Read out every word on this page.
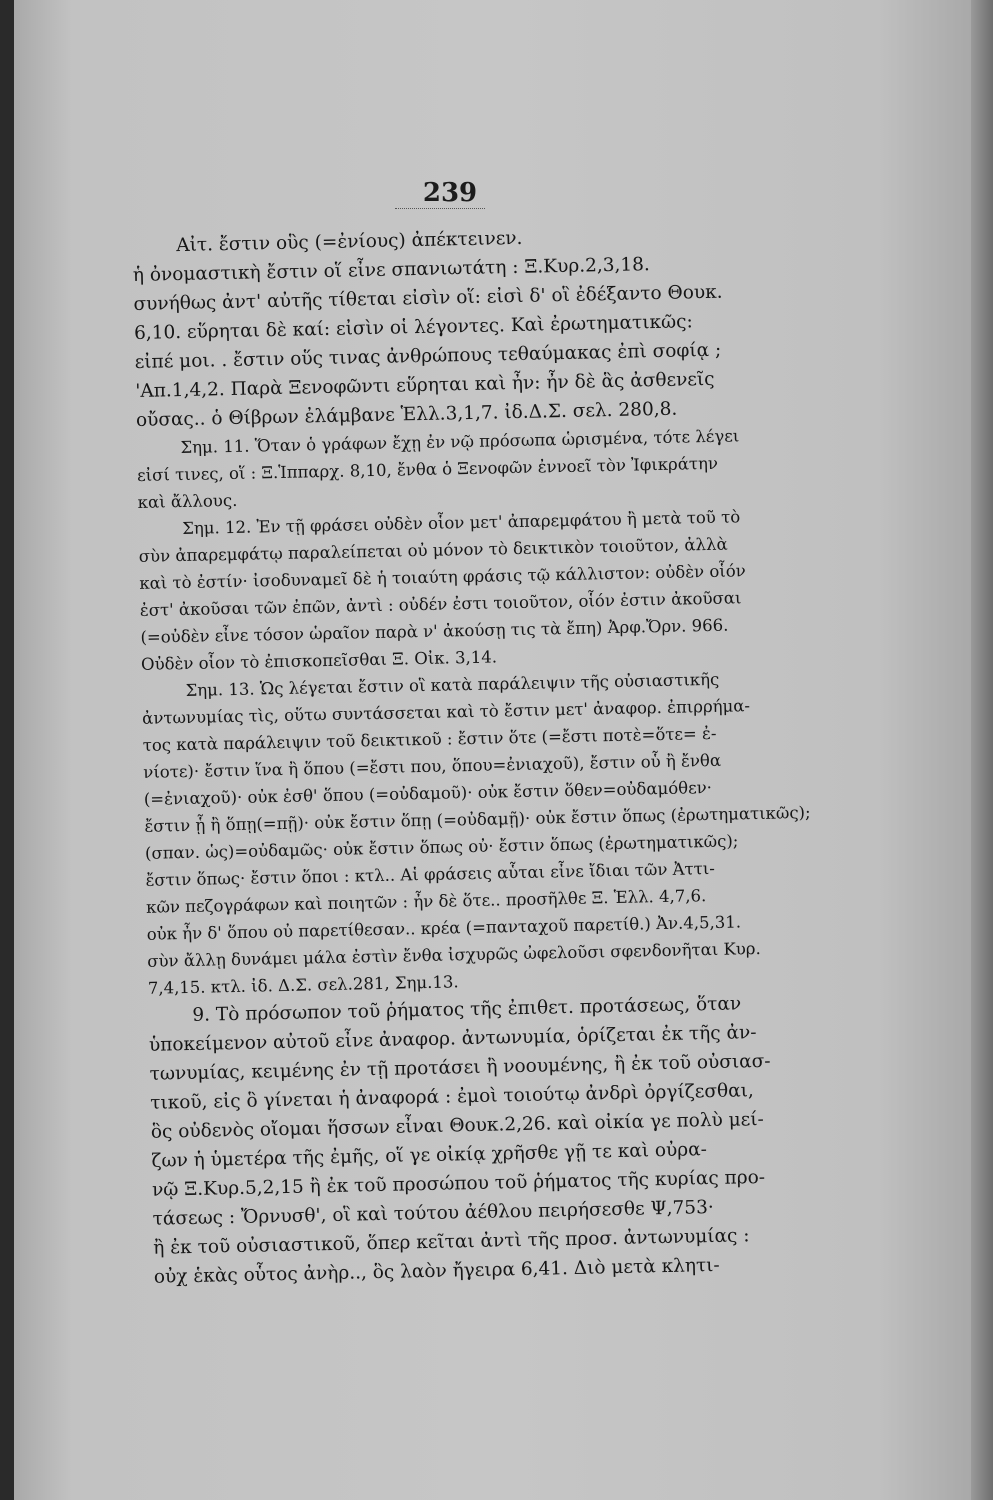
239
Αἰτ. ἔστιν οὓς (=ἐνίους) ἀπέκτεινεν.
ἡ ὀνομαστικὴ ἔστιν οἵ εἶνε σπανιωτάτη : Ξ.Κυρ.2,3,18.
συνήθως ἀντ' αὐτῆς τίθεται εἰσὶν οἵ: εἰσὶ δ' οἳ ἐδέξαντο Θουκ.
6,10. εὕρηται δὲ καί: εἰσὶν οἱ λέγοντες. Καὶ ἐρωτηματικῶς:
εἰπέ μοι. . ἔστιν οὕς τινας ἀνθρώπους τεθαύμακας ἐπὶ σοφίᾳ ;
'Απ.1,4,2. Παρὰ Ξενοφῶντι εὕρηται καὶ ἦν: ἦν δὲ ἃς ἀσθενεῖς
οὔσας.. ὁ Θίβρων ἐλάμβανε Ἑλλ.3,1,7. ἰδ.Δ.Σ. σελ. 280,8.
Σημ. 11. Ὅταν ὁ γράφων ἔχῃ ἐν νῷ πρόσωπα ὡρισμένα, τότε λέγει
εἰσί τινες, οἵ : Ξ.Ἱππαρχ. 8,10, ἔνθα ὁ Ξενοφῶν ἐννοεῖ τὸν Ἰφικράτην
καὶ ἄλλους.
Σημ. 12. Ἐν τῇ φράσει οὐδὲν οἷον μετ' ἀπαρεμφάτου ἢ μετὰ τοῦ τὸ
σὺν ἀπαρεμφάτῳ παραλείπεται οὐ μόνον τὸ δεικτικὸν τοιοῦτον, ἀλλὰ
καὶ τὸ ἐστίν· ἰσοδυναμεῖ δὲ ἡ τοιαύτη φράσις τῷ κάλλιστον: οὐδὲν οἷόν
ἐστ' ἀκοῦσαι τῶν ἐπῶν, ἀντὶ : οὐδέν ἐστι τοιοῦτον, οἷόν ἐστιν ἀκοῦσαι
(=οὐδὲν εἶνε τόσον ὡραῖον παρὰ ν' ἀκούσῃ τις τὰ ἔπη) Ἀρφ.Ὄρν. 966.
Οὐδὲν οἷον τὸ ἐπισκοπεῖσθαι Ξ. Οἰκ. 3,14.
Σημ. 13. Ὡς λέγεται ἔστιν οἳ κατὰ παράλειψιν τῆς οὐσιαστικῆς
ἀντωνυμίας τὶς, οὕτω συντάσσεται καὶ τὸ ἔστιν μετ' ἀναφορ. ἐπιρρήμα-
τος κατὰ παράλειψιν τοῦ δεικτικοῦ : ἔστιν ὅτε (=ἔστι ποτὲ=ὅτε= ἐ-
νίοτε)· ἔστιν ἵνα ἢ ὅπου (=ἔστι που, ὅπου=ἐνιαχοῦ), ἔστιν οὗ ἢ ἔνθα
(=ἐνιαχοῦ)· οὐκ ἐσθ' ὅπου (=οὐδαμοῦ)· οὐκ ἔστιν ὅθεν=οὐδαμόθεν·
ἔστιν ᾗ ἢ ὅπῃ(=πῇ)· οὐκ ἔστιν ὅπῃ (=οὐδαμῇ)· οὐκ ἔστιν ὅπως (ἐρωτηματικῶς);
(σπαν. ὡς)=οὐδαμῶς· οὐκ ἔστιν ὅπως οὐ· ἔστιν ὅπως (ἐρωτηματικῶς);
ἔστιν ὅπως· ἔστιν ὅποι : κτλ.. Αἱ φράσεις αὗται εἶνε ἴδιαι τῶν Ἀττι-
κῶν πεζογράφων καὶ ποιητῶν : ἦν δὲ ὅτε.. προσῆλθε Ξ. Ἑλλ. 4,7,6.
οὐκ ἦν δ' ὅπου οὐ παρετίθεσαν.. κρέα (=πανταχοῦ παρετίθ.) Ἀν.4,5,31.
σὺν ἄλλῃ δυνάμει μάλα ἐστὶν ἔνθα ἰσχυρῶς ὠφελοῦσι σφενδονῆται Κυρ.
7,4,15. κτλ. ἰδ. Δ.Σ. σελ.281, Σημ.13.
9. Τὸ πρόσωπον τοῦ ῥήματος τῆς ἐπιθετ. προτάσεως, ὅταν
ὑποκείμενον αὐτοῦ εἶνε ἀναφορ. ἀντωνυμία, ὁρίζεται ἐκ τῆς ἀν-
τωνυμίας, κειμένης ἐν τῇ προτάσει ἢ νοουμένης, ἢ ἐκ τοῦ οὐσιασ-
τικοῦ, εἰς ὃ γίνεται ἡ ἀναφορά : ἐμοὶ τοιούτῳ ἀνδρὶ ὀργίζεσθαι,
ὃς οὐδενὸς οἴομαι ἥσσων εἶναι Θουκ.2,26. καὶ οἰκία γε πολὺ μεί-
ζων ἡ ὑμετέρα τῆς ἐμῆς, οἵ γε οἰκίᾳ χρῆσθε γῇ τε καὶ οὐρα-
νῷ Ξ.Κυρ.5,2,15 ἢ ἐκ τοῦ προσώπου τοῦ ῥήματος τῆς κυρίας προ-
τάσεως : Ὄρνυσθ', οἳ καὶ τούτου ἀέθλου πειρήσεσθε Ψ,753·
ἢ ἐκ τοῦ οὐσιαστικοῦ, ὅπερ κεῖται ἀντὶ τῆς προσ. ἀντωνυμίας :
οὐχ ἑκὰς οὗτος ἀνὴρ.., ὃς λαὸν ἤγειρα 6,41. Διὸ μετὰ κλητι-
